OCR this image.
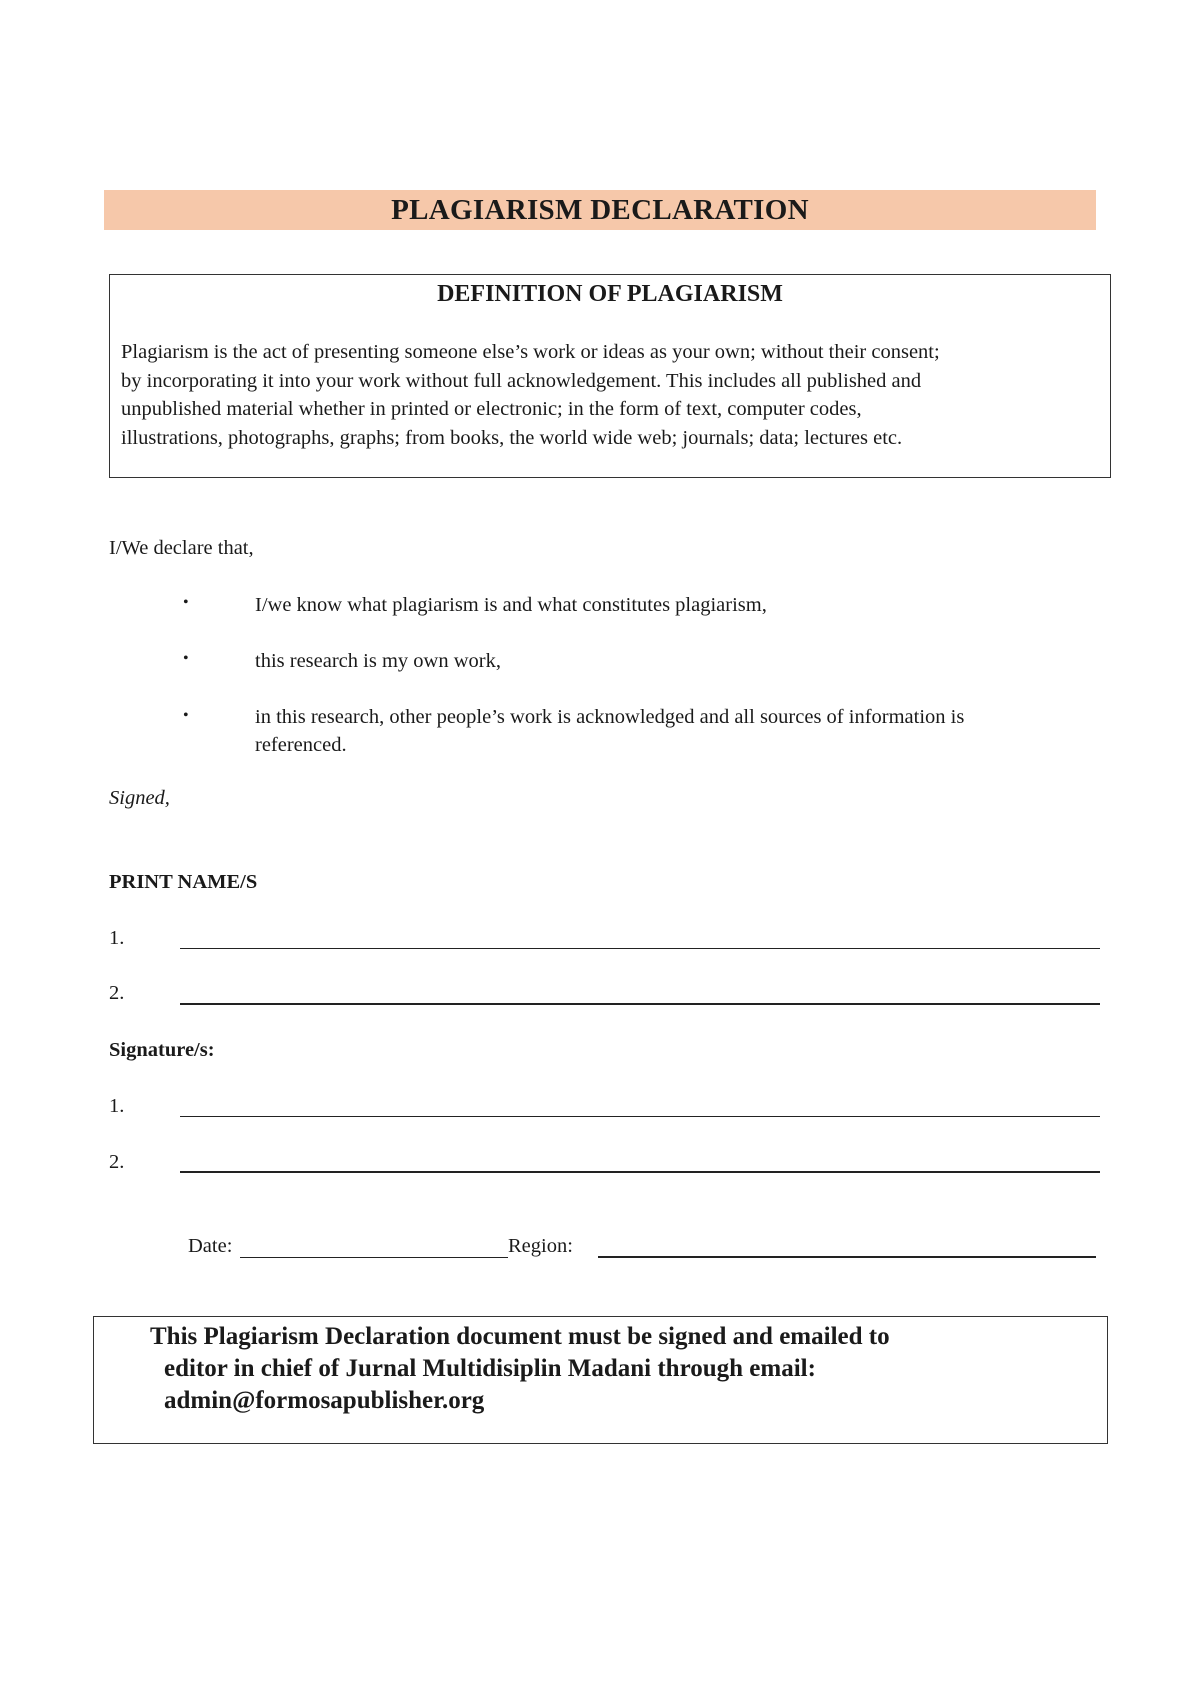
PLAGIARISM DECLARATION
DEFINITION OF PLAGIARISM
Plagiarism is the act of presenting someone else’s work or ideas as your own; without their consent;
by incorporating it into your work without full acknowledgement. This includes all published and
unpublished material whether in printed or electronic; in the form of text, computer codes,
illustrations, photographs, graphs; from books, the world wide web; journals; data; lectures etc.
I/We declare that,
•	I/we know what plagiarism is and what constitutes plagiarism,
•	this research is my own work,
•	in this research, other people’s work is acknowledged and all sources of information is referenced.
Signed,
PRINT NAME/S
1.
2.
Signature/s:
1.
2.
Date:	Region:
This Plagiarism Declaration document must be signed and emailed to
editor in chief of Jurnal Multidisiplin Madani through email:
admin@formosapublisher.org
